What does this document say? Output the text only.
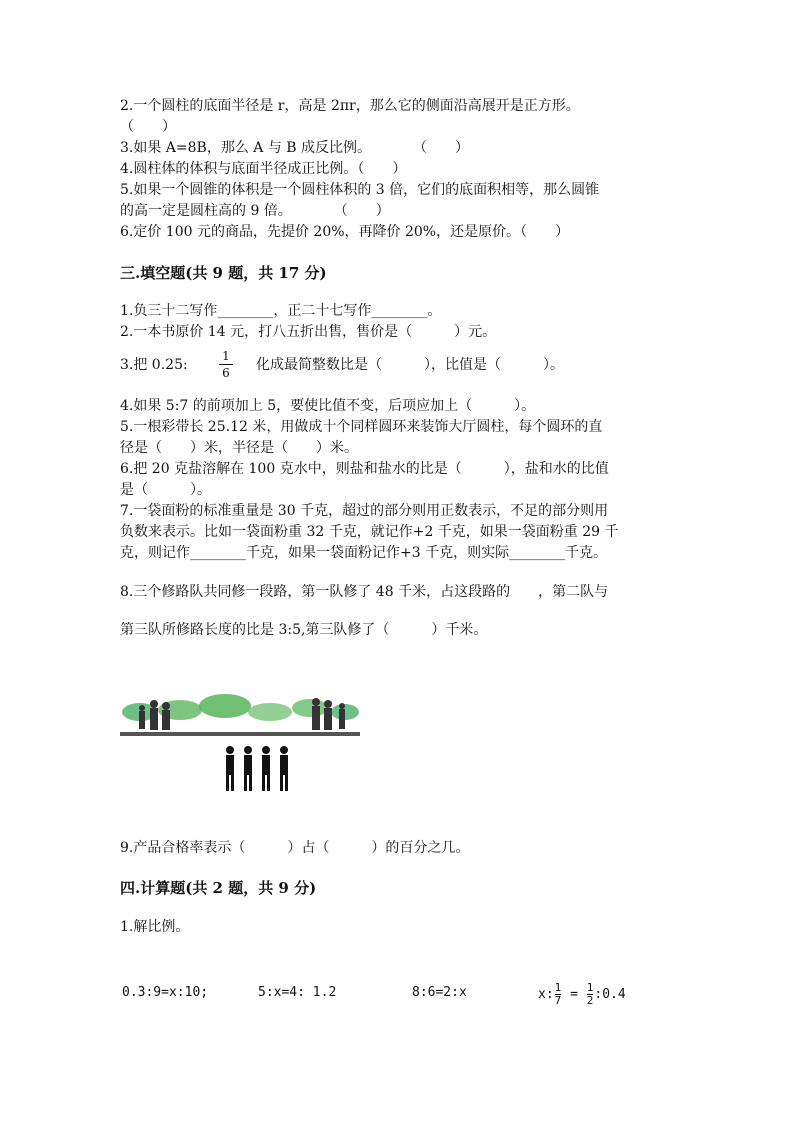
2.一个圆柱的底面半径是 r，高是 2πr，那么它的侧面沿高展开是正方形。
（　　）
3.如果 A=8B，那么 A 与 B 成反比例。　　　　（　　）
4.圆柱体的体积与底面半径成正比例。（　　）
5.如果一个圆锥的体积是一个圆柱体积的 3 倍，它们的底面积相等，那么圆锥
的高一定是圆柱高的 9 倍。　　　　（　　）
6.定价 100 元的商品，先提价 20%，再降价 20%，还是原价。（　　）
三.填空题(共 9 题，共 17 分)
1.负三十二写作________，正二十七写作________。
2.一本书原价 14 元，打八五折出售，售价是（　　　）元。
3.把 0.25:
1
6 化成最简整数比是（　　　），比值是（　　　）。
4.如果 5:7 的前项加上 5，要使比值不变，后项应加上（　　　）。
5.一根彩带长 25.12 米，用做成十个同样圆环来装饰大厅圆柱，每个圆环的直
径是（　　）米，半径是（　　）米。
6.把 20 克盐溶解在 100 克水中，则盐和盐水的比是（　　　），盐和水的比值
是（　　　）。
7.一袋面粉的标准重量是 30 千克，超过的部分则用正数表示，不足的部分则用
负数来表示。比如一袋面粉重 32 千克，就记作+2 千克，如果一袋面粉重 29 千
克，则记作________千克，如果一袋面粉记作+3 千克，则实际________千克。
8.三个修路队共同修一段路，第一队修了 48 千米，占这段路的　　，第二队与
第三队所修路长度的比是 3:5,第三队修了（　　　）千米。
9.产品合格率表示（　　　）占（　　　）的百分之几。
四.计算题(共 2 题，共 9 分)
1.解比例。
0.3:9=x:10;	5:x=4: 1.2	8:6=2:x	$x:\frac{1}{7}$ = $\frac{1}{2}:0.4$
